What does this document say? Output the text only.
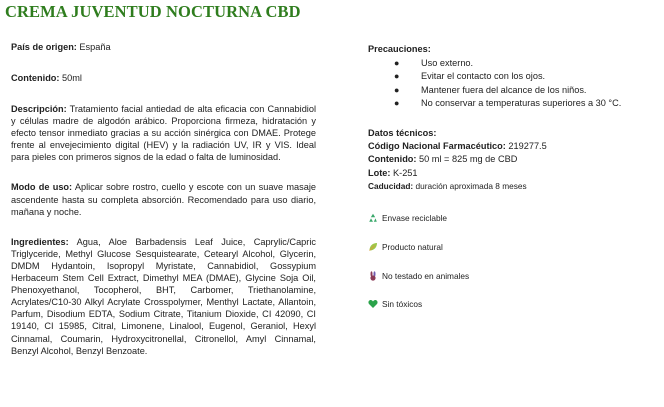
CREMA JUVENTUD NOCTURNA CBD
País de origen: España
Contenido: 50ml
Descripción: Tratamiento facial antiedad de alta eficacia con Cannabidiol y células madre de algodón arábico. Proporciona firmeza, hidratación y efecto tensor inmediato gracias a su acción sinérgica con DMAE. Protege frente al envejecimiento digital (HEV) y la radiación UV, IR y VIS. Ideal para pieles con primeros signos de la edad o falta de luminosidad.
Modo de uso: Aplicar sobre rostro, cuello y escote con un suave masaje ascendente hasta su completa absorción. Recomendado para uso diario, mañana y noche.
Ingredientes: Agua, Aloe Barbadensis Leaf Juice, Caprylic/Capric Triglyceride, Methyl Glucose Sesquistearate, Cetearyl Alcohol, Glycerin, DMDM Hydantoin, Isopropyl Myristate, Cannabidiol, Gossypium Herbaceum Stem Cell Extract, Dimethyl MEA (DMAE), Glycine Soja Oil, Phenoxyethanol, Tocopherol, BHT, Carbomer, Triethanolamine, Acrylates/C10-30 Alkyl Acrylate Crosspolymer, Menthyl Lactate, Allantoin, Parfum, Disodium EDTA, Sodium Citrate, Titanium Dioxide, CI 42090, CI 19140, CI 15985, Citral, Limonene, Linalool, Eugenol, Geraniol, Hexyl Cinnamal, Coumarin, Hydroxycitronellal, Citronellol, Amyl Cinnamal, Benzyl Alcohol, Benzyl Benzoate.
Precauciones:
● Uso externo.
● Evitar el contacto con los ojos.
● Mantener fuera del alcance de los niños.
● No conservar a temperaturas superiores a 30 °C.
Datos técnicos:
Código Nacional Farmacéutico: 219277.5
Contenido: 50 ml = 825 mg de CBD
Lote: K-251
Caducidad: duración aproximada 8 meses
Envase reciclable
Producto natural
No testado en animales
Sin tóxicos
